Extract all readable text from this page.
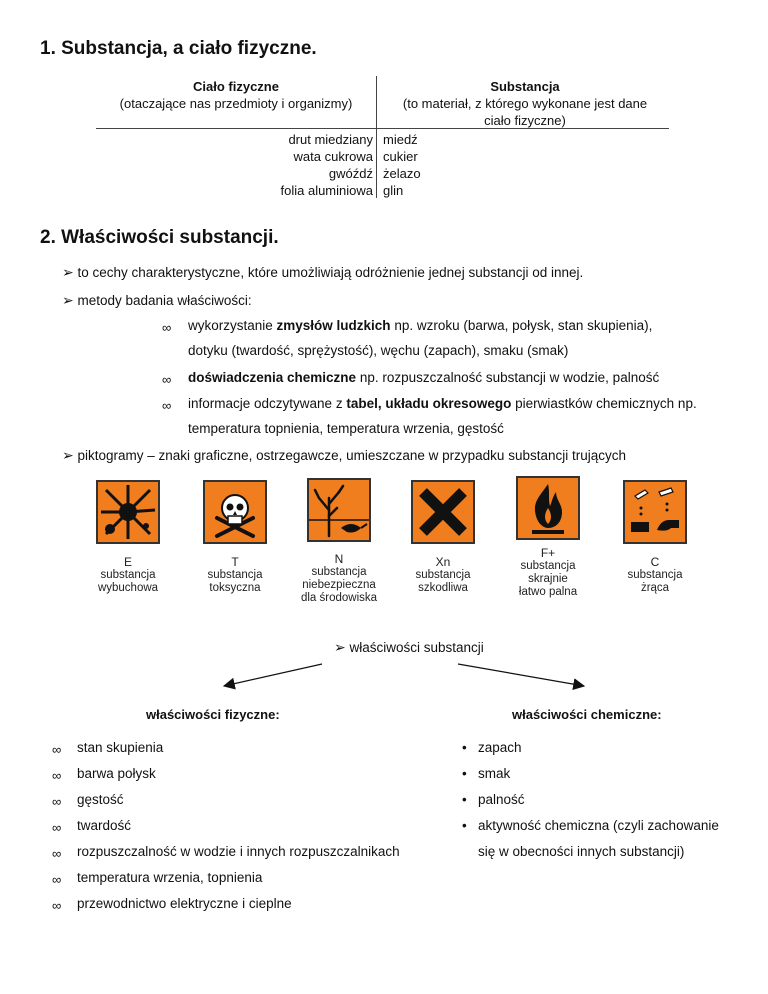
1. Substancja, a ciało fizyczne.
Ciało fizyczne
(otaczające nas przedmioty i organizmy)
Substancja
(to materiał, z którego wykonane jest dane
ciało fizyczne)
drut miedziany miedź
wata cukrowa cukier
gwóźdź żelazo
folia aluminiowa glin
2. Właściwości substancji.
➢ to cechy charakterystyczne, które umożliwiają odróżnienie jednej substancji od innej.
➢ metody badania właściwości:
∞ wykorzystanie zmysłów ludzkich np. wzroku (barwa, połysk, stan skupienia),
dotyku (twardość, sprężystość), węchu (zapach), smaku (smak)
∞ doświadczenia chemiczne np. rozpuszczalność substancji w wodzie, palność
∞ informacje odczytywane z tabel, układu okresowego pierwiastków chemicznych np.
temperatura topnienia, temperatura wrzenia, gęstość
➢ piktogramy – znaki graficzne, ostrzegawcze, umieszczane w przypadku substancji trujących
E
substancja
wybuchowa
T
substancja
toksyczna
N
substancja
niebezpieczna
dla środowiska
Xn
substancja
szkodliwa
F+
substancja
skrajnie
łatwo palna
C
substancja
żrąca
➢ właściwości substancji
właściwości fizyczne:	właściwości chemiczne:
∞ stan skupienia
∞ barwa połysk
∞ gęstość
∞ twardość
∞ rozpuszczalność w wodzie i innych rozpuszczalnikach
∞ temperatura wrzenia, topnienia
∞ przewodnictwo elektryczne i cieplne
• zapach
• smak
• palność
• aktywność chemiczna (czyli zachowanie
się w obecności innych substancji)
